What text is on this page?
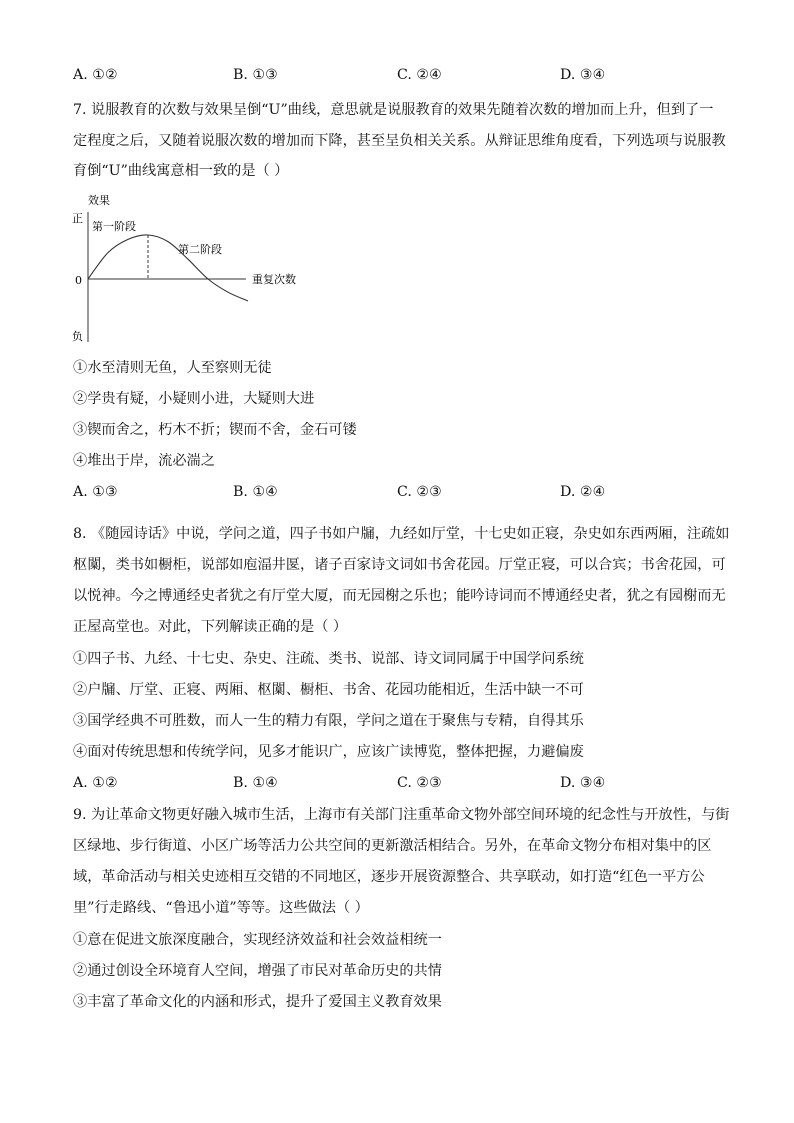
A. ①②	B. ①③	C. ②④	D. ③④
7. 说服教育的次数与效果呈倒“U”曲线，意思就是说服教育的效果先随着次数的增加而上升，但到了一
定程度之后，又随着说服次数的增加而下降，甚至呈负相关关系。从辩证思维角度看，下列选项与说服教
育倒“U”曲线寓意相一致的是（ ）
效果
正
0
负
重复次数
第一阶段
第二阶段
①水至清则无鱼，人至察则无徒
②学贵有疑，小疑则小进，大疑则大进
③锲而舍之，朽木不折；锲而不舍，金石可镂
④堆出于岸，流必湍之
A. ①③	B. ①④	C. ②③	D. ②④
8. 《随园诗话》中说，学问之道，四子书如户牖，九经如厅堂，十七史如正寝，杂史如东西两厢，注疏如
枢闑，类书如橱柜，说部如庖湢井匽，诸子百家诗文词如书舍花园。厅堂正寝，可以合宾；书舍花园，可
以悦神。今之博通经史者犹之有厅堂大厦，而无园榭之乐也；能吟诗词而不博通经史者，犹之有园榭而无
正屋高堂也。对此，下列解读正确的是（ ）
①四子书、九经、十七史、杂史、注疏、类书、说部、诗文词同属于中国学问系统
②户牖、厅堂、正寝、两厢、枢闑、橱柜、书舍、花园功能相近，生活中缺一不可
③国学经典不可胜数，而人一生的精力有限，学问之道在于聚焦与专精，自得其乐
④面对传统思想和传统学问，见多才能识广，应该广读博览，整体把握，力避偏废
A. ①②	B. ①④	C. ②③	D. ③④
9. 为让革命文物更好融入城市生活，上海市有关部门注重革命文物外部空间环境的纪念性与开放性，与街
区绿地、步行街道、小区广场等活力公共空间的更新激活相结合。另外，在革命文物分布相对集中的区
域，革命活动与相关史迹相互交错的不同地区，逐步开展资源整合、共享联动，如打造“红色一平方公
里”行走路线、“鲁迅小道”等等。这些做法（ ）
①意在促进文旅深度融合，实现经济效益和社会效益相统一
②通过创设全环境育人空间，增强了市民对革命历史的共情
③丰富了革命文化的内涵和形式，提升了爱国主义教育效果
